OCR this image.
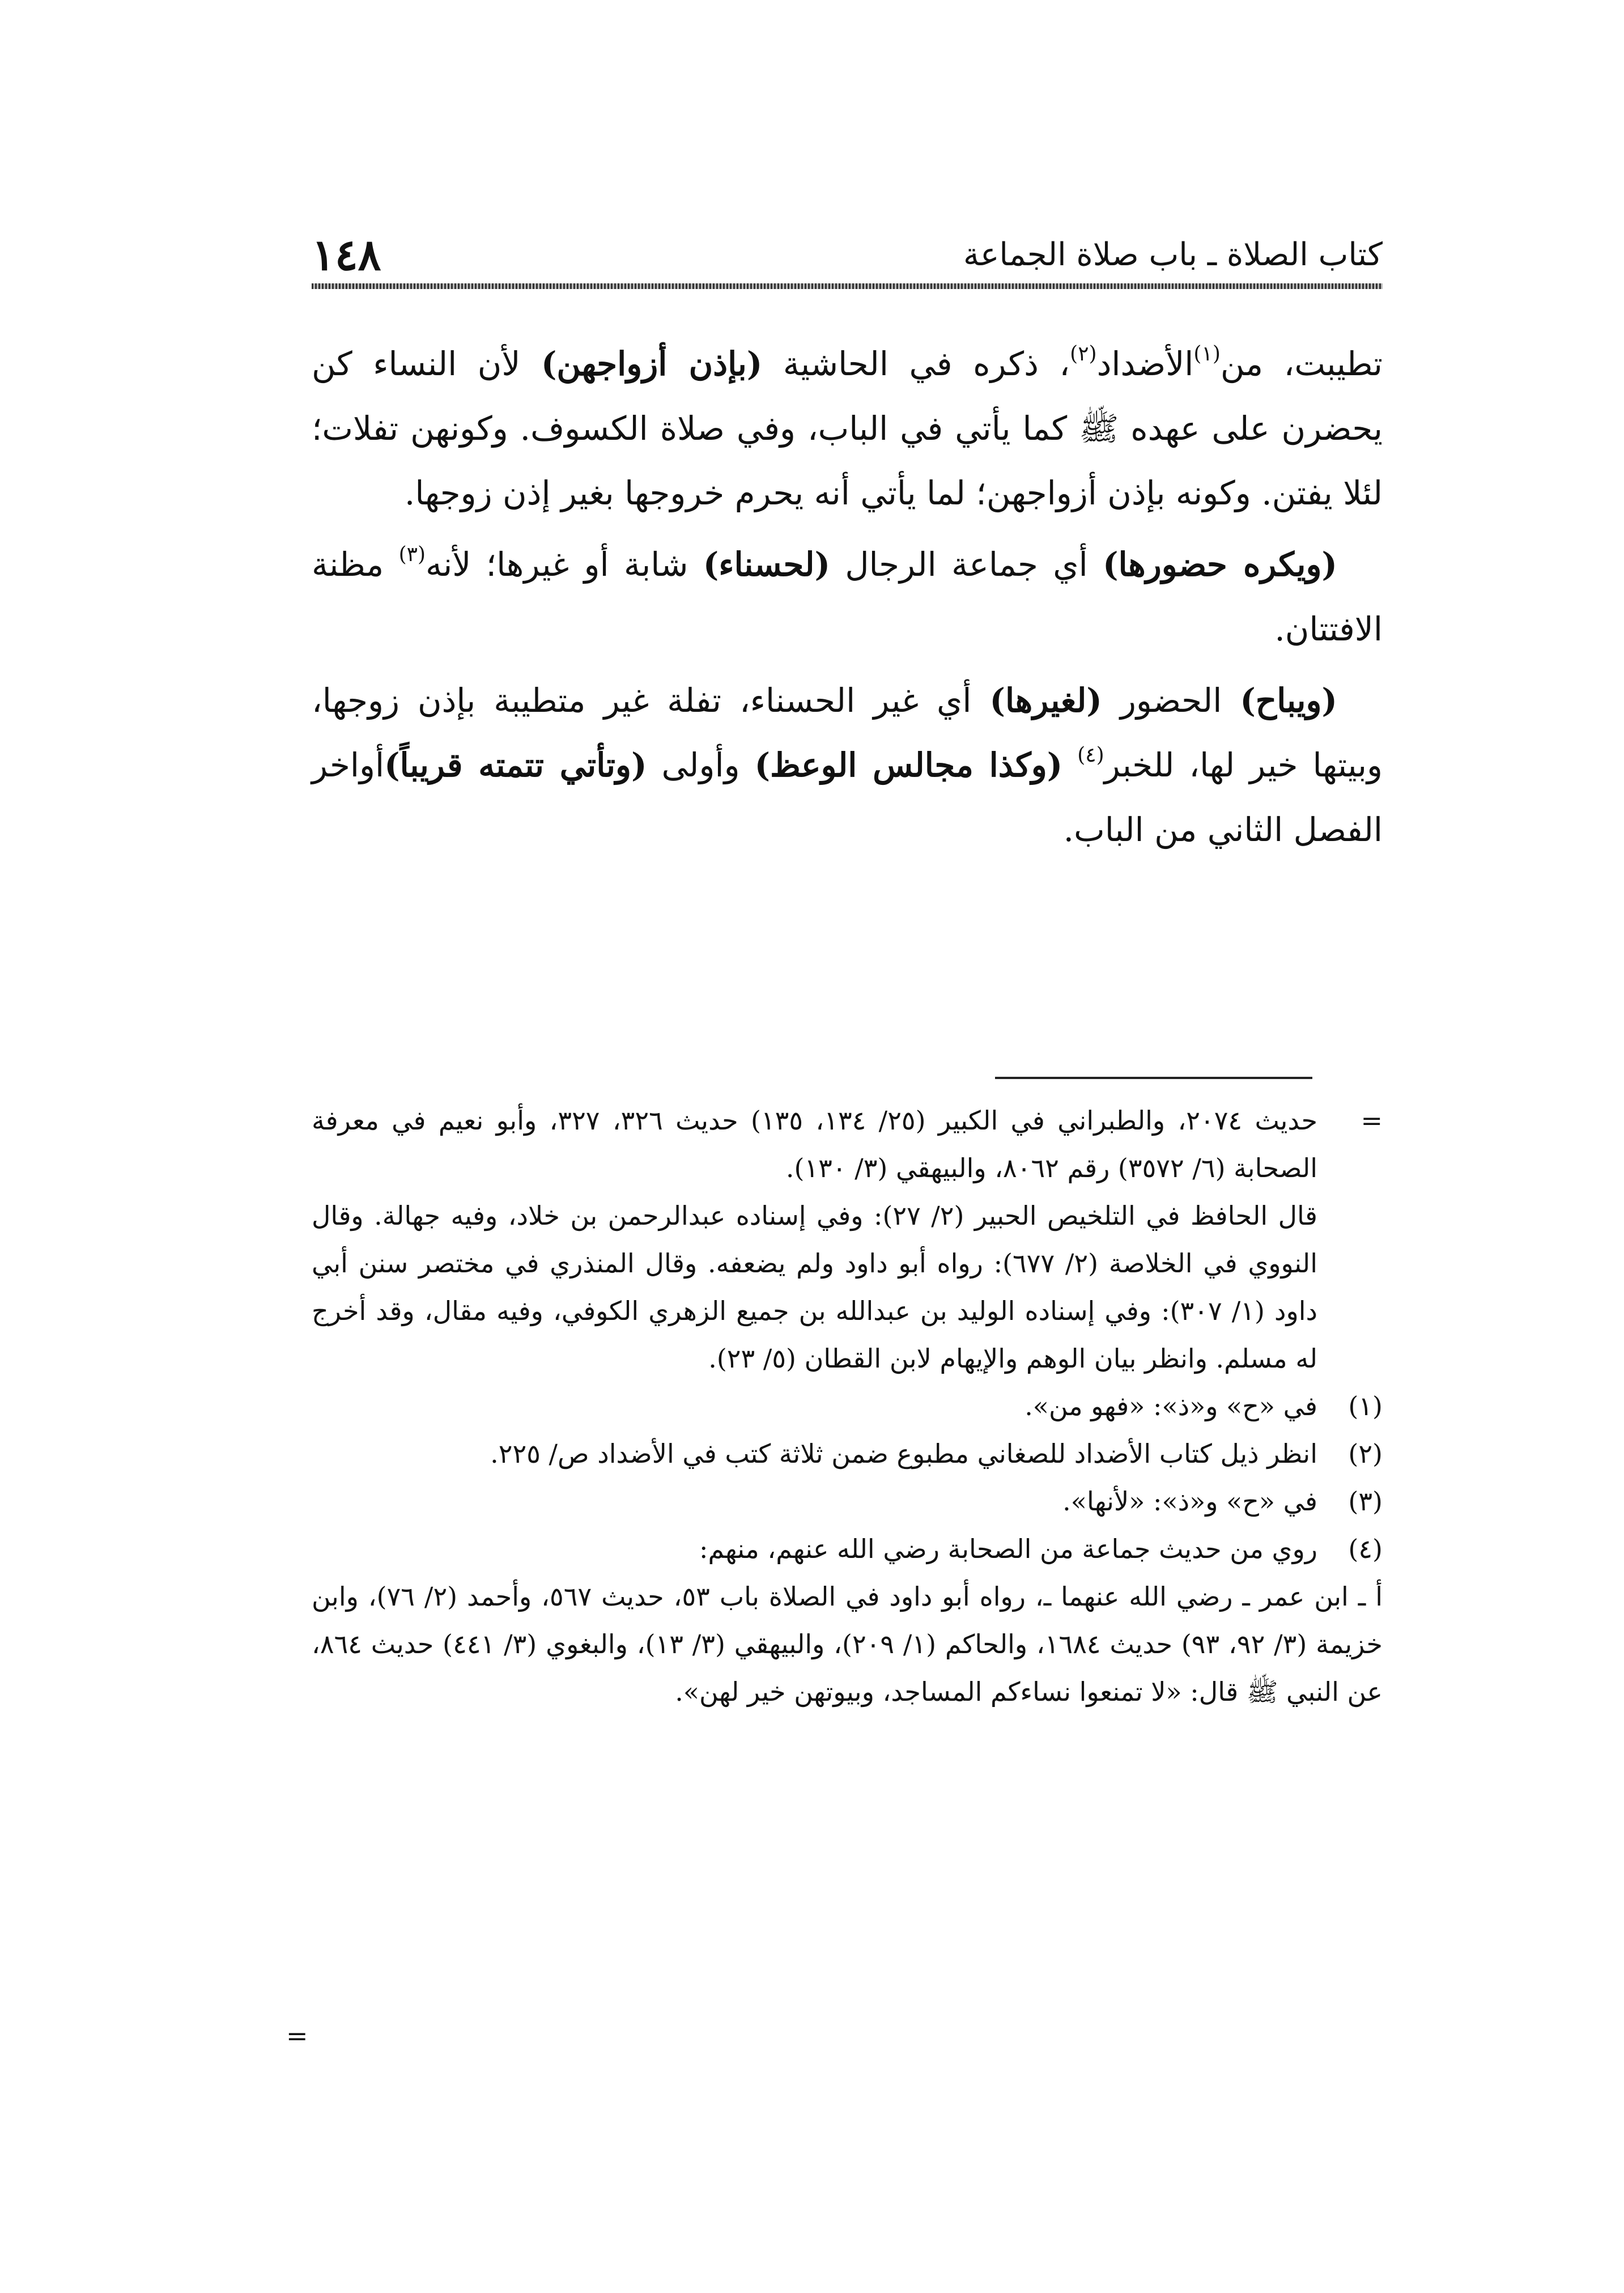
١٤٨	كتاب الصلاة ـ باب صلاة الجماعة

تطيبت، من$^{(١)}$الأضداد$^{(٢)}$، ذكره في الحاشية (بإذن أزواجهن) لأن النساء كن يحضرن على عهده ﷺ كما يأتي في الباب، وفي صلاة الكسوف. وكونهن تفلات؛ لئلا يفتن. وكونه بإذن أزواجهن؛ لما يأتي أنه يحرم خروجها بغير إذن زوجها.

(ويكره حضورها) أي جماعة الرجال (لحسناء) شابة أو غيرها؛ لأنه$^{(٣)}$ مظنة الافتتان.

(ويباح) الحضور (لغيرها) أي غير الحسناء، تفلة غير متطيبة بإذن زوجها، وبيتها خير لها، للخبر$^{(٤)}$ (وكذا مجالس الوعظ) وأولى (وتأتي تتمته قريباً)أواخر الفصل الثاني من الباب.

=
حديث ٢٠٧٤، والطبراني في الكبير (٢٥/ ١٣٤، ١٣٥) حديث ٣٢٦، ٣٢٧، وأبو نعيم في معرفة الصحابة (٦/ ٣٥٧٢) رقم ٨٠٦٢، والبيهقي (٣/ ١٣٠).
قال الحافظ في التلخيص الحبير (٢/ ٢٧): وفي إسناده عبدالرحمن بن خلاد، وفيه جهالة. وقال النووي في الخلاصة (٢/ ٦٧٧): رواه أبو داود ولم يضعفه. وقال المنذري في مختصر سنن أبي داود (١/ ٣٠٧): وفي إسناده الوليد بن عبدالله بن جميع الزهري الكوفي، وفيه مقال، وقد أخرج له مسلم. وانظر بيان الوهم والإيهام لابن القطان (٥/ ٢٣).
(١)
في «ح» و«ذ»: «فهو من».
(٢)
انظر ذيل كتاب الأضداد للصغاني مطبوع ضمن ثلاثة كتب في الأضداد ص/ ٢٢٥.
(٣)
في «ح» و«ذ»: «لأنها».
(٤)
روي من حديث جماعة من الصحابة رضي الله عنهم، منهم:
أ ـ ابن عمر ـ رضي الله عنهما ـ، رواه أبو داود في الصلاة باب ٥٣، حديث ٥٦٧، وأحمد (٢/ ٧٦)، وابن خزيمة (٣/ ٩٢، ٩٣) حديث ١٦٨٤، والحاكم (١/ ٢٠٩)، والبيهقي (٣/ ١٣)، والبغوي (٣/ ٤٤١) حديث ٨٦٤، عن النبي ﷺ قال: «لا تمنعوا نساءكم المساجد، وبيوتهن خير لهن».
=
